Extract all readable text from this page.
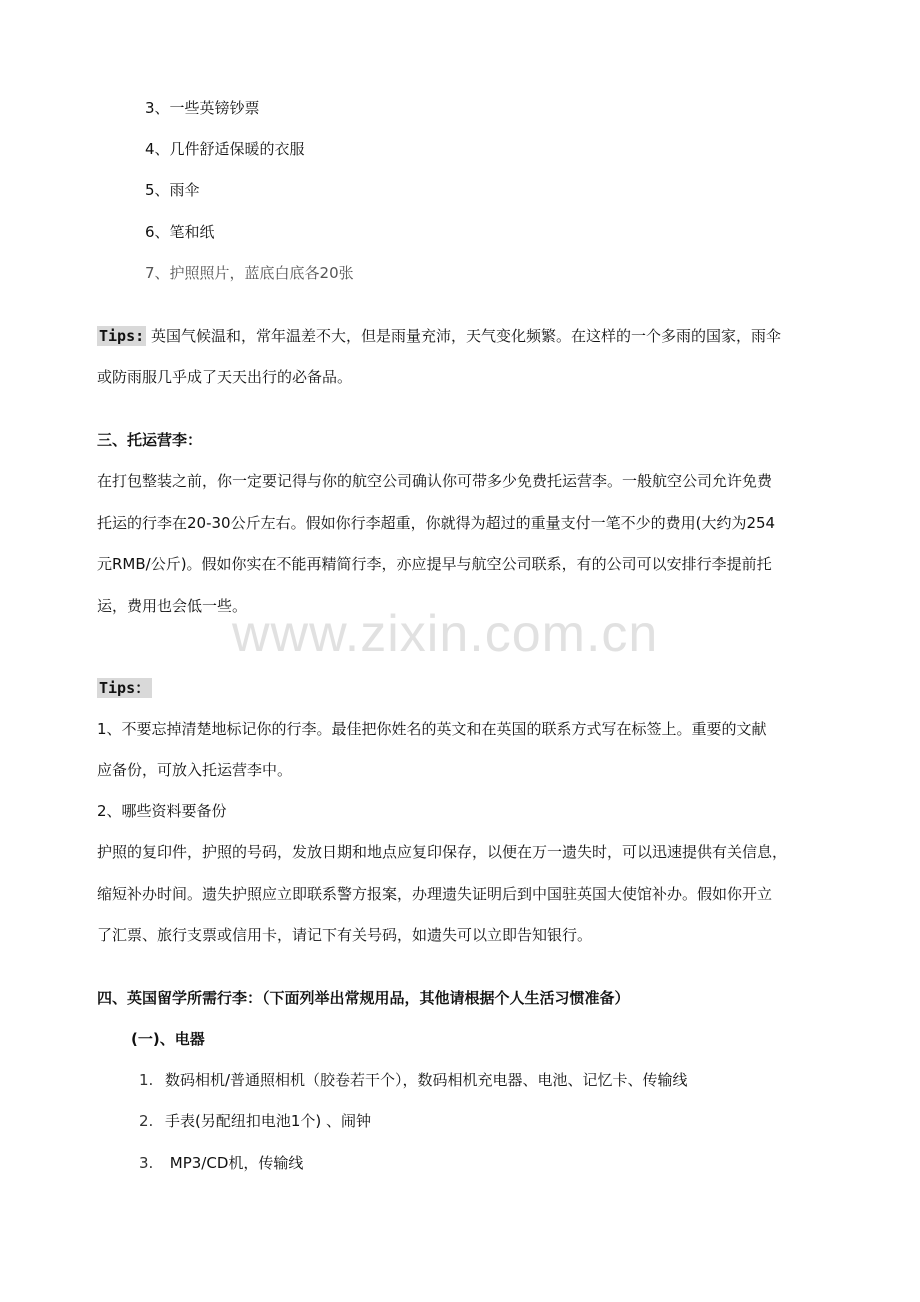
3、一些英镑钞票
4、几件舒适保暖的衣服
5、雨伞
6、笔和纸
7、护照照片，蓝底白底各20张
Tips: 英国气候温和，常年温差不大，但是雨量充沛，天气变化频繁。在这样的一个多雨的国家，雨伞
或防雨服几乎成了天天出行的必备品。
三、托运营李：
在打包整装之前，你一定要记得与你的航空公司确认你可带多少免费托运营李。一般航空公司允许免费
托运的行李在20-30公斤左右。假如你行李超重，你就得为超过的重量支付一笔不少的费用(大约为254
元RMB/公斤)。假如你实在不能再精简行李，亦应提早与航空公司联系，有的公司可以安排行李提前托
运，费用也会低一些。
www.zixin.com.cn
Tips：
1、不要忘掉清楚地标记你的行李。最佳把你姓名的英文和在英国的联系方式写在标签上。重要的文献
应备份，可放入托运营李中。
2、哪些资料要备份
护照的复印件，护照的号码，发放日期和地点应复印保存，以便在万一遗失时，可以迅速提供有关信息，
缩短补办时间。遗失护照应立即联系警方报案，办理遗失证明后到中国驻英国大使馆补办。假如你开立
了汇票、旅行支票或信用卡，请记下有关号码，如遗失可以立即告知银行。
四、英国留学所需行李：（下面列举出常规用品，其他请根据个人生活习惯准备）
(一)、电器
1. 数码相机/普通照相机（胶卷若干个），数码相机充电器、电池、记忆卡、传输线
2. 手表(另配纽扣电池1个) 、闹钟
3. MP3/CD机，传输线
